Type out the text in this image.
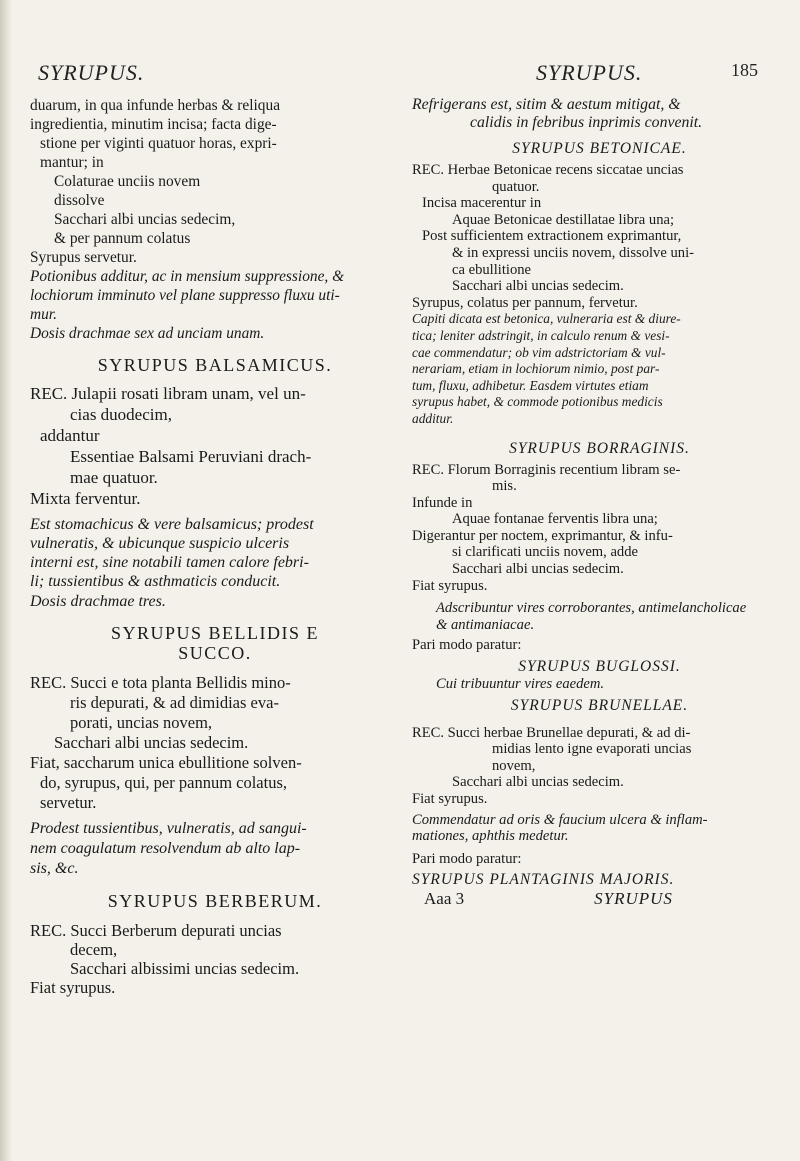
SYRUPUS.	SYRUPUS.	185

duarum, in qua infunde herbas & reliqua

ingredientia, minutim incisa; facta dige-

stione per viginti quatuor horas, expri-

mantur; in

Colaturae unciis novem

dissolve

Sacchari albi uncias sedecim,

& per pannum colatus

Syrupus servetur.

Potionibus additur, ac in mensium suppressione, &

lochiorum imminuto vel plane suppresso fluxu uti-

mur.

Dosis drachmae sex ad unciam unam.

SYRUPUS BALSAMICUS.

REC. Julapii rosati libram unam, vel un-

cias duodecim,

addantur

Essentiae Balsami Peruviani drach-

mae quatuor.

Mixta ferventur.

Est stomachicus & vere balsamicus; prodest

vulneratis, & ubicunque suspicio ulceris

interni est, sine notabili tamen calore febri-

li; tussientibus & asthmaticis conducit.

Dosis drachmae tres.

SYRUPUS BELLIDIS E

SUCCO.

REC. Succi e tota planta Bellidis mino-

ris depurati, & ad dimidias eva-

porati, uncias novem,

Sacchari albi uncias sedecim.

Fiat, saccharum unica ebullitione solven-

do, syrupus, qui, per pannum colatus,

servetur.

Prodest tussientibus, vulneratis, ad sangui-

nem coagulatum resolvendum ab alto lap-

sis, &c.

SYRUPUS BERBERUM.

REC. Succi Berberum depurati uncias

decem,

Sacchari albissimi uncias sedecim.

Fiat syrupus.

Refrigerans est, sitim & aestum mitigat, &

calidis in febribus inprimis convenit.

SYRUPUS BETONICAE.

REC. Herbae Betonicae recens siccatae uncias

quatuor.

Incisa macerentur in

Aquae Betonicae destillatae libra una;

Post sufficientem extractionem exprimantur,

& in expressi unciis novem, dissolve uni-

ca ebullitione

Sacchari albi uncias sedecim.

Syrupus, colatus per pannum, fervetur.

Capiti dicata est betonica, vulneraria est & diure-

tica; leniter adstringit, in calculo renum & vesi-

cae commendatur; ob vim adstrictoriam & vul-

nerariam, etiam in lochiorum nimio, post par-

tum, fluxu, adhibetur. Easdem virtutes etiam

syrupus habet, & commode potionibus medicis

additur.

SYRUPUS BORRAGINIS.

REC. Florum Borraginis recentium libram se-

mis.

Infunde in

Aquae fontanae ferventis libra una;

Digerantur per noctem, exprimantur, & infu-

si clarificati unciis novem, adde

Sacchari albi uncias sedecim.

Fiat syrupus.

Adscribuntur vires corroborantes, antimelancholicae

& antimaniacae.

Pari modo paratur:

SYRUPUS BUGLOSSI.

Cui tribuuntur vires eaedem.

SYRUPUS BRUNELLAE.

REC. Succi herbae Brunellae depurati, & ad di-

midias lento igne evaporati uncias

novem,

Sacchari albi uncias sedecim.

Fiat syrupus.

Commendatur ad oris & faucium ulcera & inflam-

mationes, aphthis medetur.

Pari modo paratur:

SYRUPUS PLANTAGINIS MAJORIS.

Aaa 3	SYRUPUS
